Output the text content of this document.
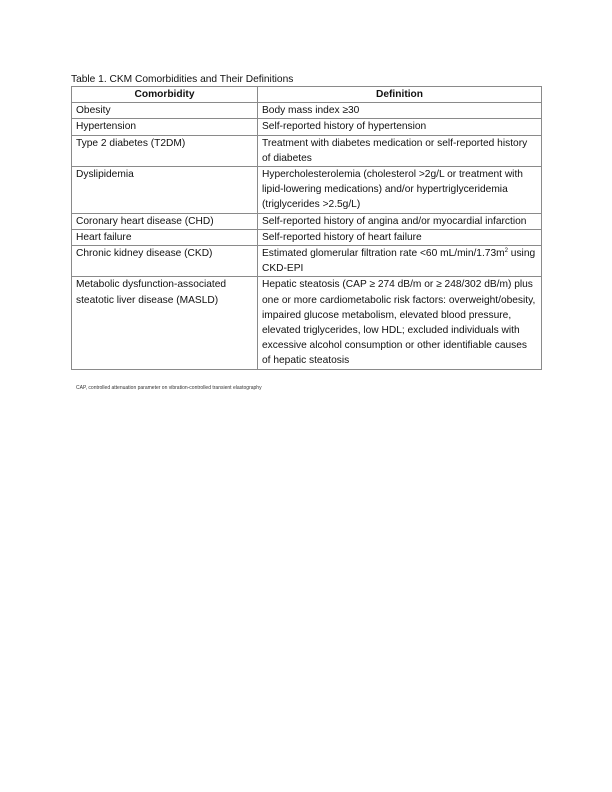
Table 1. CKM Comorbidities and Their Definitions
Comorbidity	Definition
Obesity	Body mass index ≥30
Hypertension	Self-reported history of hypertension
Type 2 diabetes (T2DM)	Treatment with diabetes medication or self-reported history of diabetes
Dyslipidemia	Hypercholesterolemia (cholesterol >2g/L or treatment with lipid-lowering medications) and/or hypertriglyceridemia (triglycerides >2.5g/L)
Coronary heart disease (CHD)	Self-reported history of angina and/or myocardial infarction
Heart failure	Self-reported history of heart failure
Chronic kidney disease (CKD)	Estimated glomerular filtration rate <60 $mL/\min/1.73m^2$ using CKD-EPI
Metabolic dysfunction-associated steatotic liver disease (MASLD)	Hepatic steatosis (CAP ≥ 274 dB/m or ≥ 248/302 dB/m) plus one or more cardiometabolic risk factors: overweight/obesity, impaired glucose metabolism, elevated blood pressure, elevated triglycerides, low HDL; excluded individuals with excessive alcohol consumption or other identifiable causes of hepatic steatosis
CAP, controlled attenuation parameter on vibration-controlled transient elastography
